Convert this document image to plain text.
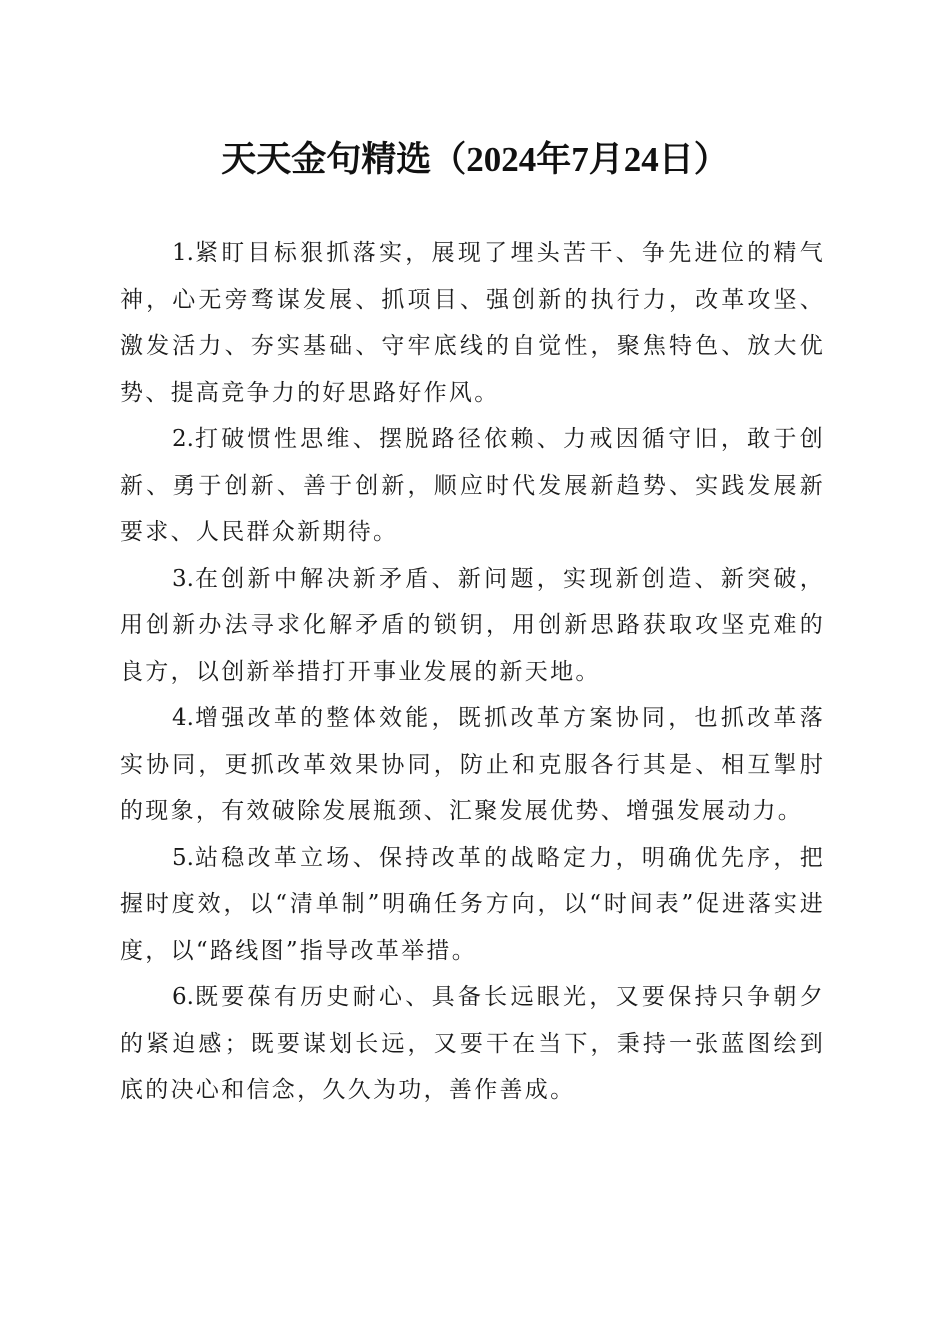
天天金句精选（2024年7月24日）

1.紧盯目标狠抓落实，展现了埋头苦干、争先进位的精气神，心无旁骛谋发展、抓项目、强创新的执行力，改革攻坚、激发活力、夯实基础、守牢底线的自觉性，聚焦特色、放大优势、提高竞争力的好思路好作风。

2.打破惯性思维、摆脱路径依赖、力戒因循守旧，敢于创新、勇于创新、善于创新，顺应时代发展新趋势、实践发展新要求、人民群众新期待。

3.在创新中解决新矛盾、新问题，实现新创造、新突破，用创新办法寻求化解矛盾的锁钥，用创新思路获取攻坚克难的良方，以创新举措打开事业发展的新天地。

4.增强改革的整体效能，既抓改革方案协同，也抓改革落实协同，更抓改革效果协同，防止和克服各行其是、相互掣肘的现象，有效破除发展瓶颈、汇聚发展优势、增强发展动力。

5.站稳改革立场、保持改革的战略定力，明确优先序，把握时度效，以“清单制”明确任务方向，以“时间表”促进落实进度，以“路线图”指导改革举措。

6.既要葆有历史耐心、具备长远眼光，又要保持只争朝夕的紧迫感；既要谋划长远，又要干在当下，秉持一张蓝图绘到底的决心和信念，久久为功，善作善成。
